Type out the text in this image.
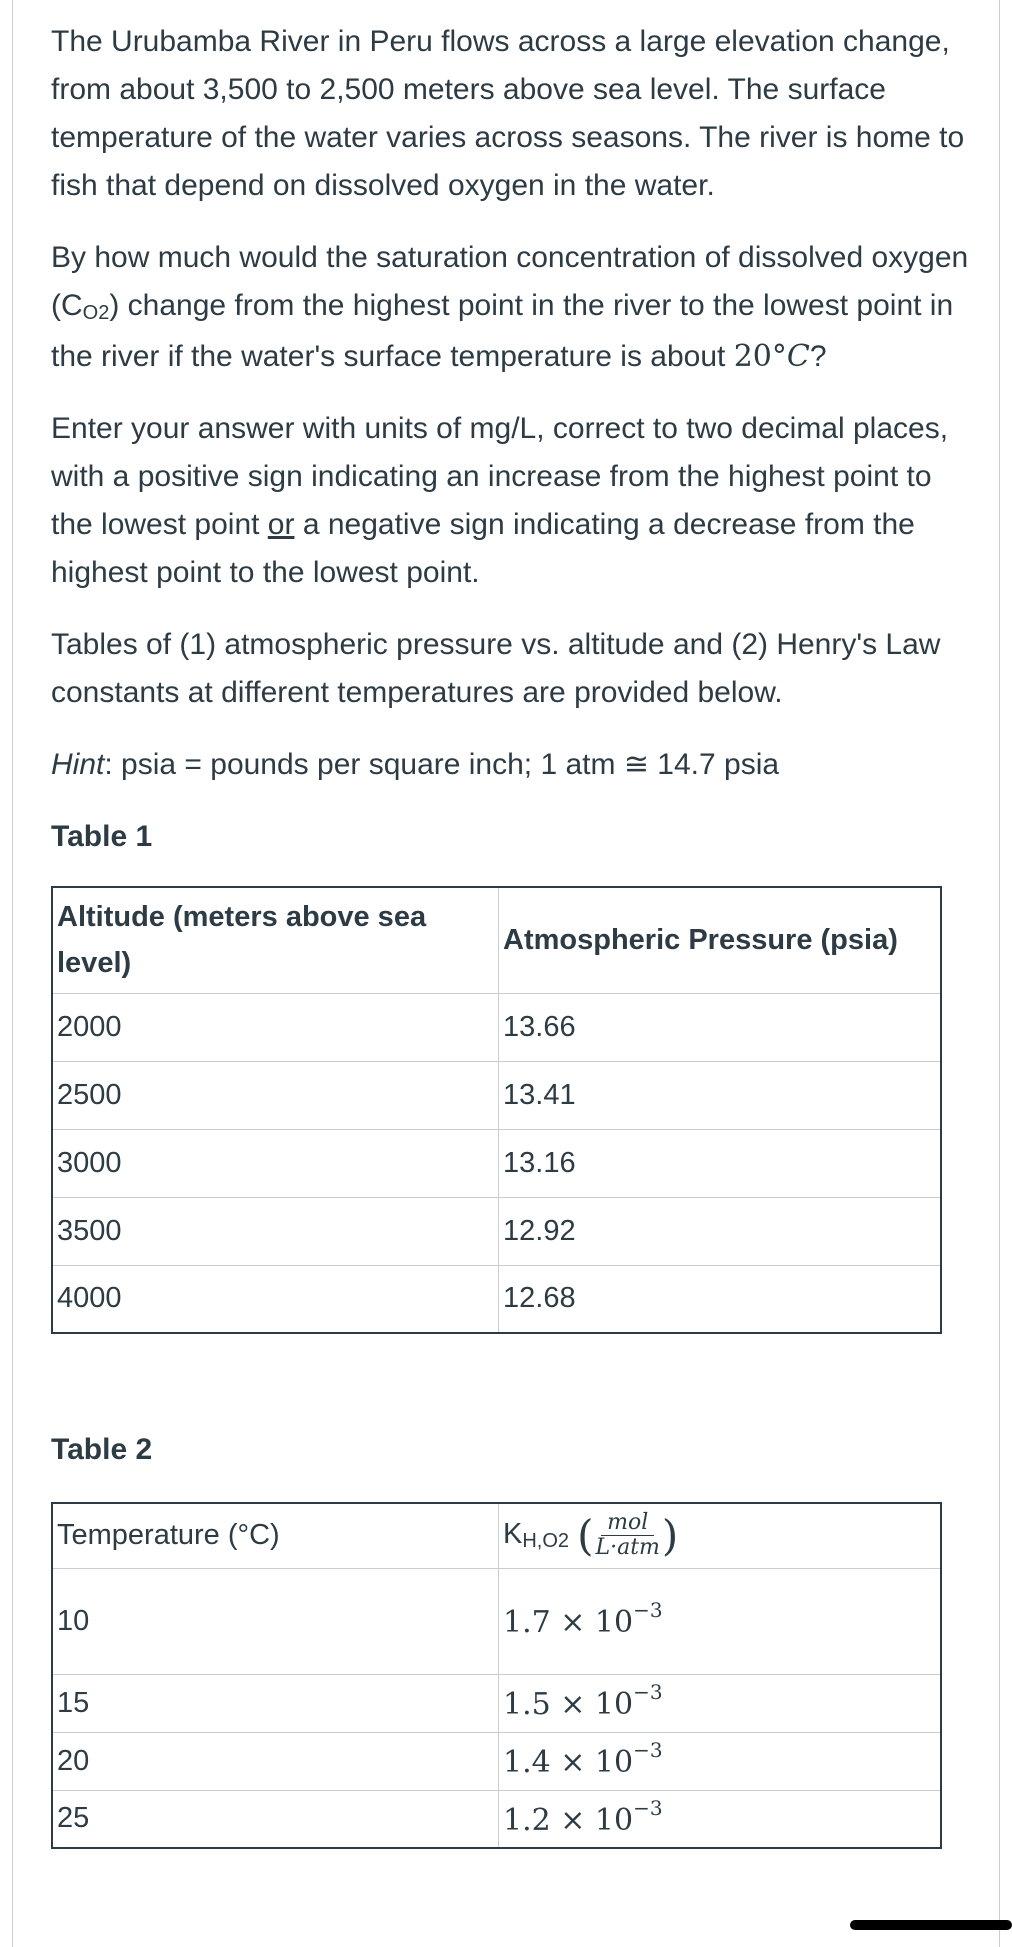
The Urubamba River in Peru flows across a large elevation change, from about 3,500 to 2,500 meters above sea level. The surface temperature of the water varies across seasons. The river is home to fish that depend on dissolved oxygen in the water.

By how much would the saturation concentration of dissolved oxygen $(C_{O2})$ change from the highest point in the river to the lowest point in the river if the water's surface temperature is about 20°C?

Enter your answer with units of mg/L, correct to two decimal places, with a positive sign indicating an increase from the highest point to the lowest point or a negative sign indicating a decrease from the highest point to the lowest point.

Tables of (1) atmospheric pressure vs. altitude and (2) Henry's Law constants at different temperatures are provided below.

Hint: psia = pounds per square inch; 1 atm ≅ 14.7 psia

Table 1

Altitude (meters above sea level)	Atmospheric Pressure (psia)
2000	13.66
2500	13.41
3000	13.16
3500	12.92
4000	12.68

Table 2

Temperature (°C)	$K_{H,O2}$ ( $\frac{\text{mol}}{\text{L·atm}}$ )
10	$1.7 \times 10^{-3}$
15	$1.5 \times 10^{-3}$
20	$1.4 \times 10^{-3}$
25	$1.2 \times 10^{-3}$
